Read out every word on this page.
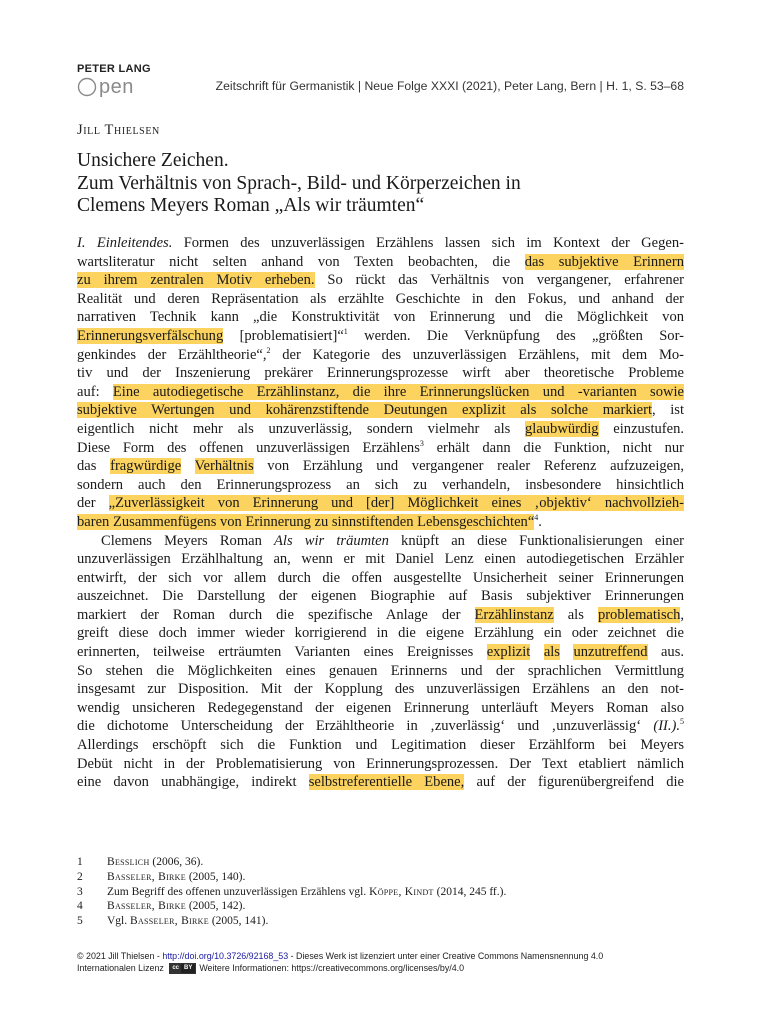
PETER LANG
pen	Zeitschrift für Germanistik | Neue Folge XXXI (2021), Peter Lang, Bern | H. 1, S. 53–68
Jill Thielsen
Unsichere Zeichen.
Zum Verhältnis von Sprach-, Bild- und Körperzeichen in
Clemens Meyers Roman „Als wir träumten“
I. Einleitendes. Formen des unzuverlässigen Erzählens lassen sich im Kontext der Gegen-
wartsliteratur nicht selten anhand von Texten beobachten, die das subjektive Erinnern
zu ihrem zentralen Motiv erheben. So rückt das Verhältnis von vergangener, erfahrener
Realität und deren Repräsentation als erzählte Geschichte in den Fokus, und anhand der
narrativen Technik kann „die Konstruktivität von Erinnerung und die Möglichkeit von
Erinnerungsverfälschung [problematisiert]“$^1$ werden. Die Verknüpfung des „größten Sor-
genkindes der Erzähltheorie“,$^2$ der Kategorie des unzuverlässigen Erzählens, mit dem Mo-
tiv und der Inszenierung prekärer Erinnerungsprozesse wirft aber theoretische Probleme
auf: Eine autodiegetische Erzählinstanz, die ihre Erinnerungslücken und -varianten sowie
subjektive Wertungen und kohärenzstiftende Deutungen explizit als solche markiert, ist
eigentlich nicht mehr als unzuverlässig, sondern vielmehr als glaubwürdig einzustufen.
Diese Form des offenen unzuverlässigen Erzählens$^3$ erhält dann die Funktion, nicht nur
das fragwürdige Verhältnis von Erzählung und vergangener realer Referenz aufzuzeigen,
sondern auch den Erinnerungsprozess an sich zu verhandeln, insbesondere hinsichtlich
der „Zuverlässigkeit von Erinnerung und [der] Möglichkeit eines ‚objektiv‘ nachvollzieh-
baren Zusammenfügens von Erinnerung zu sinnstiftenden Lebensgeschichten“$^4$.
Clemens Meyers Roman Als wir träumten knüpft an diese Funktionalisierungen einer
unzuverlässigen Erzählhaltung an, wenn er mit Daniel Lenz einen autodiegetischen Erzähler
entwirft, der sich vor allem durch die offen ausgestellte Unsicherheit seiner Erinnerungen
auszeichnet. Die Darstellung der eigenen Biographie auf Basis subjektiver Erinnerungen
markiert der Roman durch die spezifische Anlage der Erzählinstanz als problematisch,
greift diese doch immer wieder korrigierend in die eigene Erzählung ein oder zeichnet die
erinnerten, teilweise erträumten Varianten eines Ereignisses explizit als unzutreffend aus.
So stehen die Möglichkeiten eines genauen Erinnerns und der sprachlichen Vermittlung
insgesamt zur Disposition. Mit der Kopplung des unzuverlässigen Erzählens an den not-
wendig unsicheren Redegegenstand der eigenen Erinnerung unterläuft Meyers Roman also
die dichotome Unterscheidung der Erzähltheorie in ‚zuverlässig‘ und ‚unzuverlässig‘ (II.).$^5$
Allerdings erschöpft sich die Funktion und Legitimation dieser Erzählform bei Meyers
Debüt nicht in der Problematisierung von Erinnerungsprozessen. Der Text etabliert nämlich
eine davon unabhängige, indirekt selbstreferentielle Ebene, auf der figurenübergreifend die
1	Besslich (2006, 36).
2	Basseler, Birke (2005, 140).
3	Zum Begriff des offenen unzuverlässigen Erzählens vgl. Köppe, Kindt (2014, 245 ff.).
4	Basseler, Birke (2005, 142).
5	Vgl. Basseler, Birke (2005, 141).
© 2021 Jill Thielsen - http://doi.org/10.3726/92168_53 - Dieses Werk ist lizenziert unter einer Creative Commons Namensnennung 4.0
Internationalen Lizenz	cc BY Weitere Informationen: https://creativecommons.org/licenses/by/4.0
